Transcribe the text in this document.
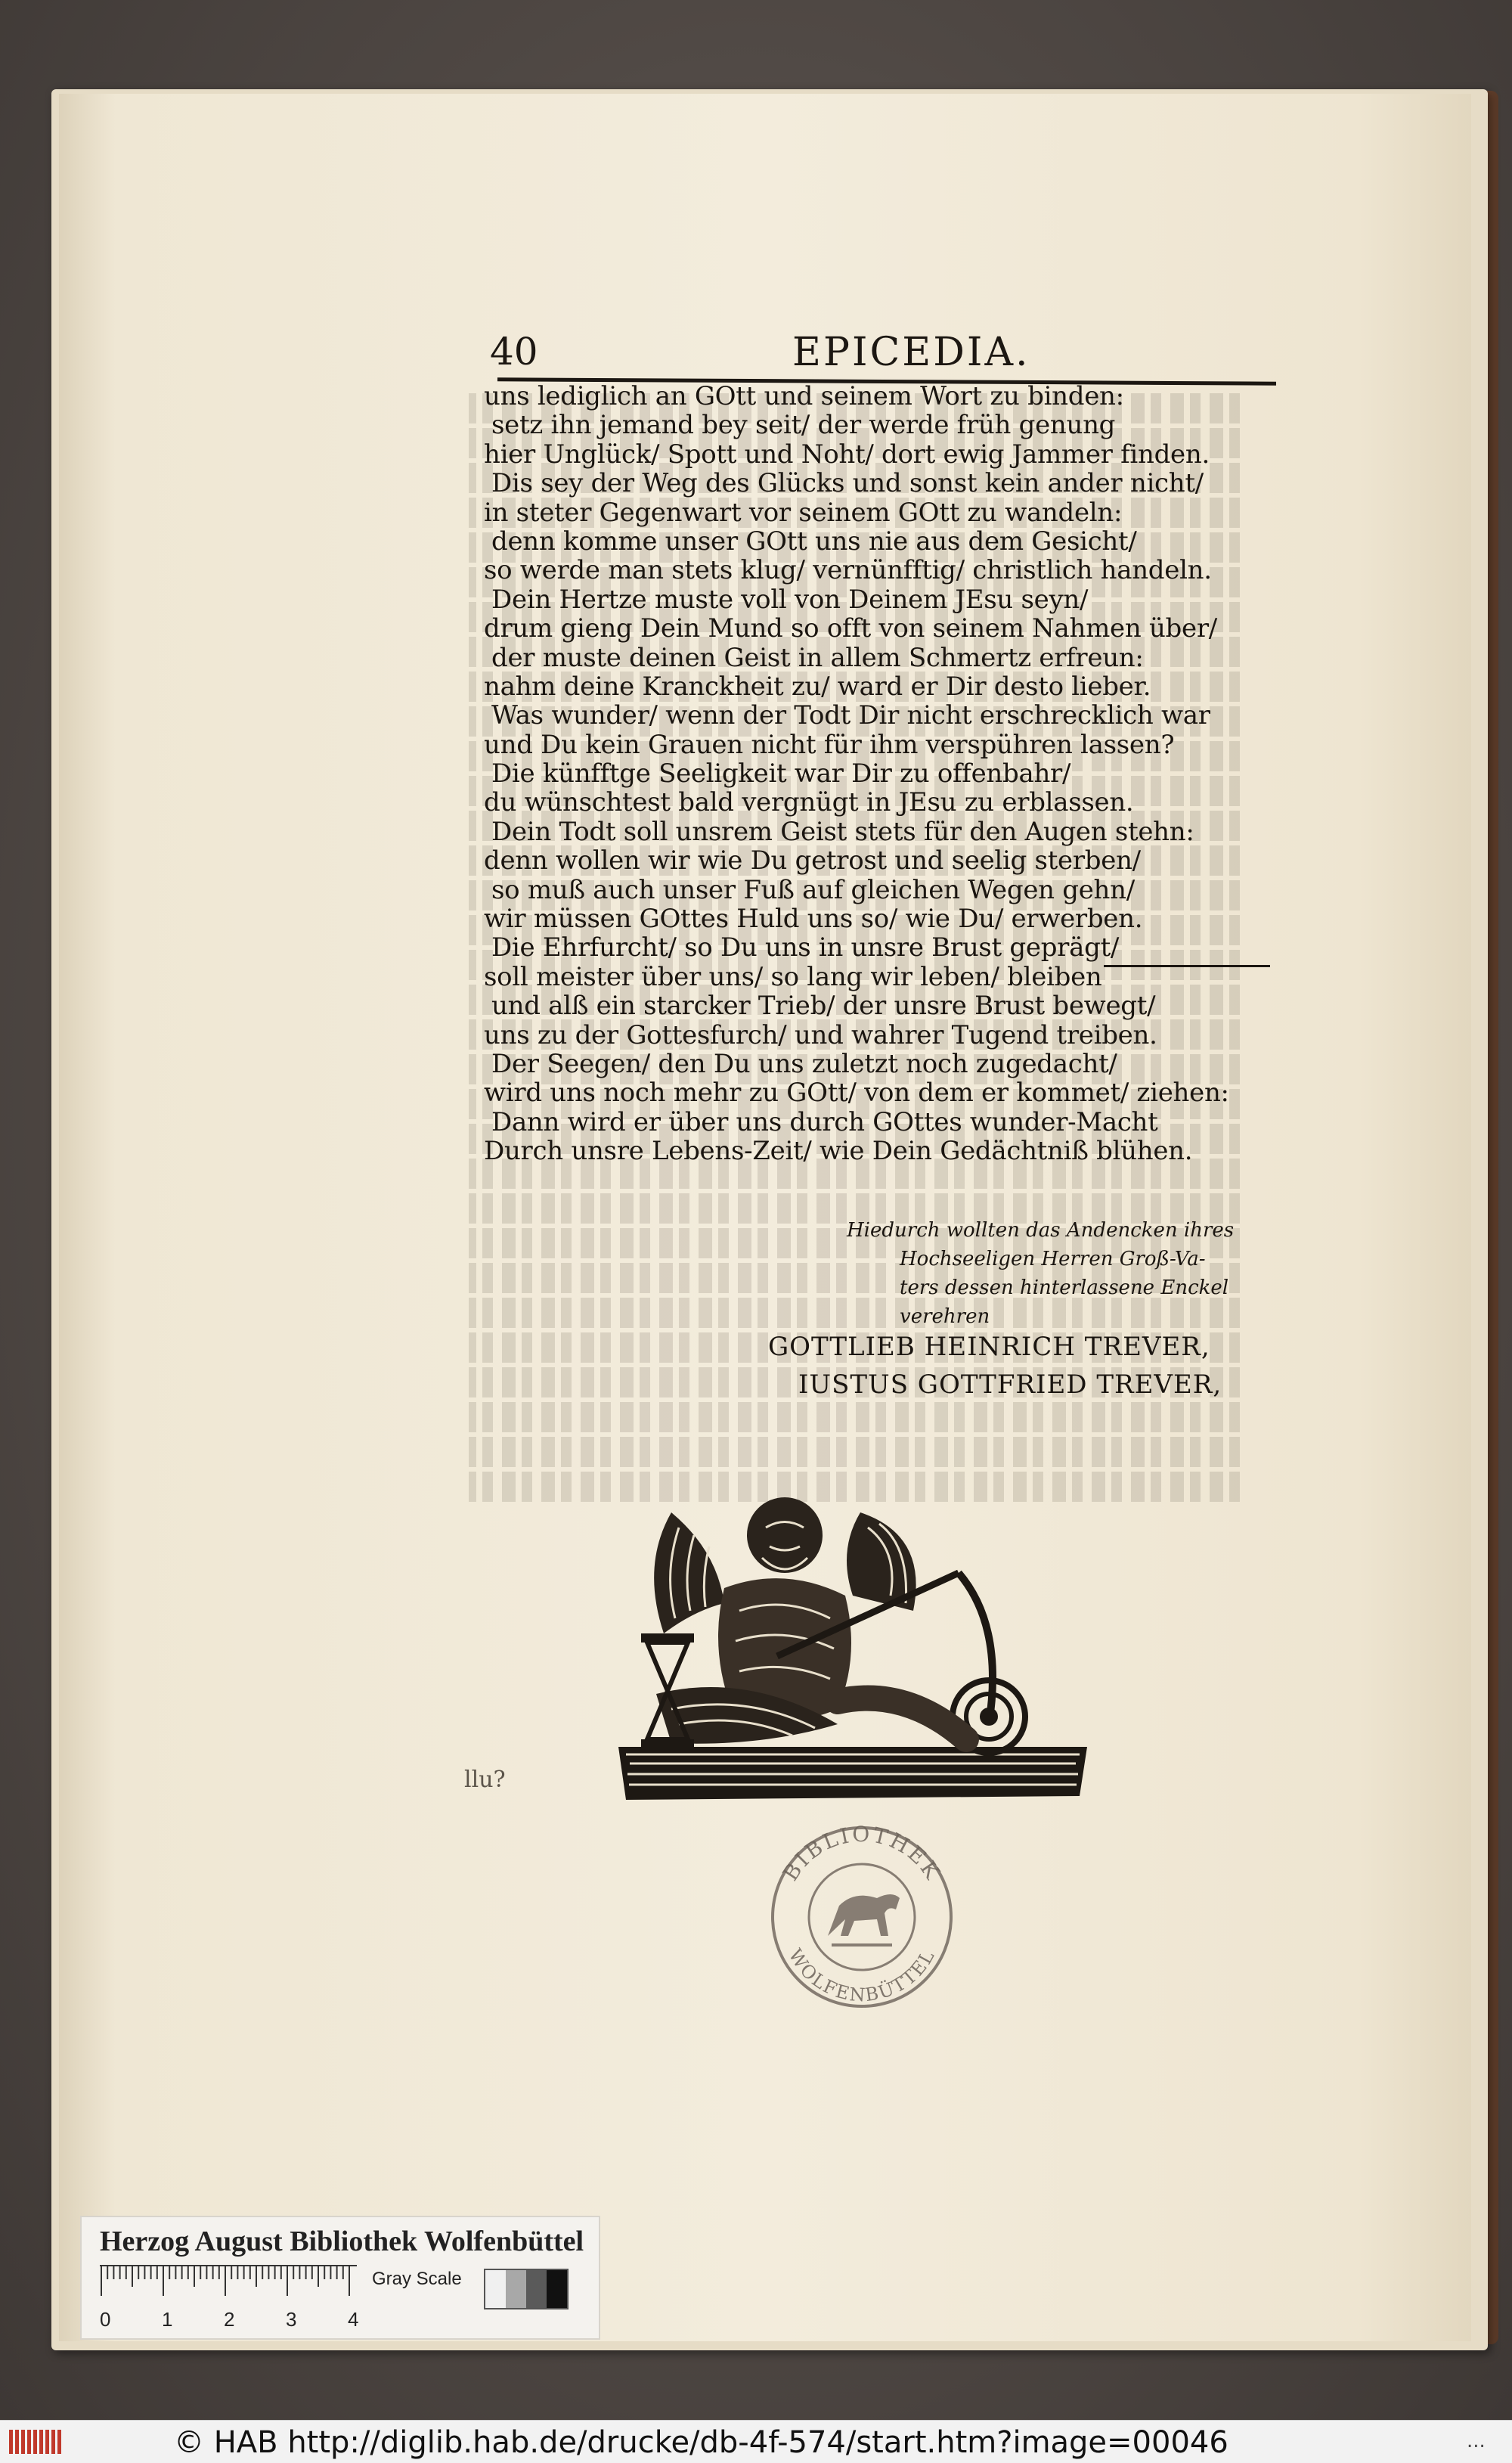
40	EPICEDIA.
uns lediglich an GOtt und seinem Wort zu binden:
setz ihn jemand bey seit/ der werde früh genung
hier Unglück/ Spott und Noht/ dort ewig Jammer finden.
Dis sey der Weg des Glücks und sonst kein ander nicht/
in steter Gegenwart vor seinem GOtt zu wandeln:
denn komme unser GOtt uns nie aus dem Gesicht/
so werde man stets klug/ vernünfftig/ christlich handeln.
Dein Hertze muste voll von Deinem JEsu seyn/
drum gieng Dein Mund so offt von seinem Nahmen über/
der muste deinen Geist in allem Schmertz erfreun:
nahm deine Kranckheit zu/ ward er Dir desto lieber.
Was wunder/ wenn der Todt Dir nicht erschrecklich war
und Du kein Grauen nicht für ihm verspühren lassen?
Die künfftge Seeligkeit war Dir zu offenbahr/
du wünschtest bald vergnügt in JEsu zu erblassen.
Dein Todt soll unsrem Geist stets für den Augen stehn:
denn wollen wir wie Du getrost und seelig sterben/
so muß auch unser Fuß auf gleichen Wegen gehn/
wir müssen GOttes Huld uns so/ wie Du/ erwerben.
Die Ehrfurcht/ so Du uns in unsre Brust geprägt/
soll meister über uns/ so lang wir leben/ bleiben
und alß ein starcker Trieb/ der unsre Brust bewegt/
uns zu der Gottesfurch/ und wahrer Tugend treiben.
Der Seegen/ den Du uns zuletzt noch zugedacht/
wird uns noch mehr zu GOtt/ von dem er kommet/ ziehen:
Dann wird er über uns durch GOttes wunder-Macht
Durch unsre Lebens-Zeit/ wie Dein Gedächtniß blühen.

Hiedurch wollten das Andencken ihres

Hochseeligen Herren Groß-Va-

ters dessen hinterlassene Enckel

verehren

GOTTLIEB HEINRICH TREVER,
IUSTUS GOTTFRIED TREVER,
llu?
BIBLIOTHEK
WOLFENBÜTTEL
Herzog August Bibliothek Wolfenbüttel
Gray Scale
0	1	2	3	4
© HAB http://diglib.hab.de/drucke/db-4f-574/start.htm?image=00046	...
